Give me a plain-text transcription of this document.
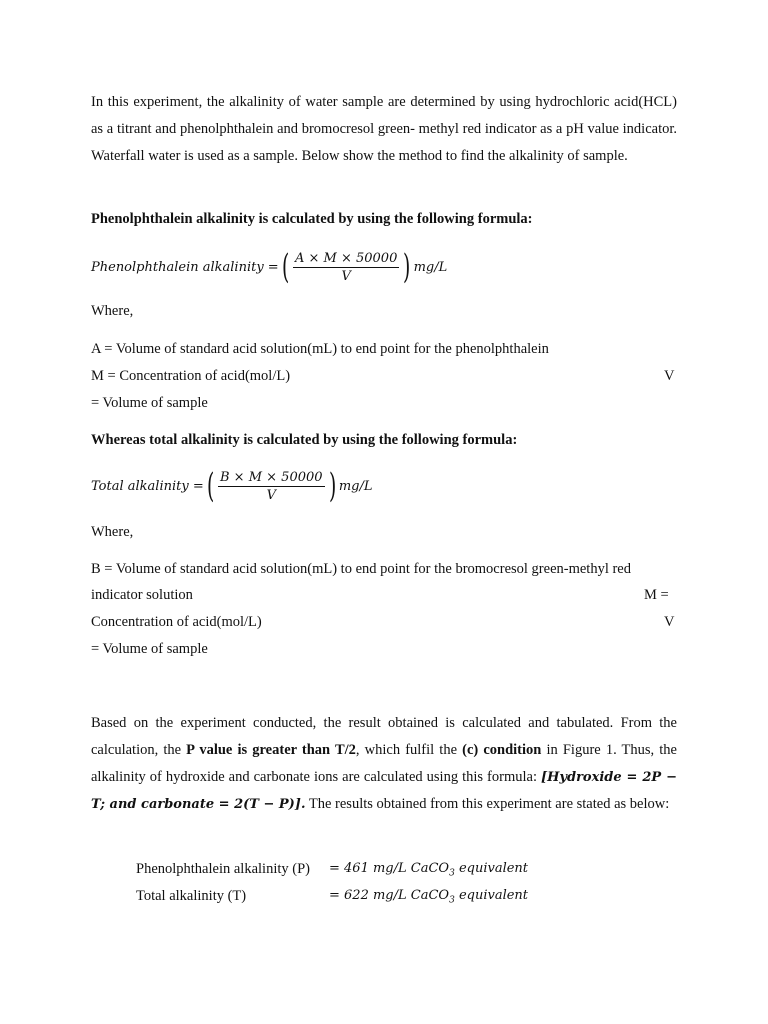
In this experiment, the alkalinity of water sample are determined by using hydrochloric acid(HCL) as a titrant and phenolphthalein and bromocresol green- methyl red indicator as a pH value indicator. Waterfall water is used as a sample. Below show the method to find the alkalinity of sample.
Phenolphthalein alkalinity is calculated by using the following formula:
Phenolphthalein alkalinity = ( $\frac{A \times M \times 50000}{V}$ ) mg/L
Where,
A = Volume of standard acid solution(mL) to end point for the phenolphthalein
M = Concentration of acid(mol/L)	V
= Volume of sample
Whereas total alkalinity is calculated by using the following formula:
Total alkalinity = ( $\frac{B \times M \times 50000}{V}$ ) mg/L
Where,
B = Volume of standard acid solution(mL) to end point for the bromocresol green-methyl red
indicator solution	M =
Concentration of acid(mol/L)	V
= Volume of sample
Based on the experiment conducted, the result obtained is calculated and tabulated. From the calculation, the P value is greater than T/2, which fulfil the (c) condition in Figure 1. Thus, the alkalinity of hydroxide and carbonate ions are calculated using this formula: [Hydroxide = 2P − T; and carbonate = 2(T − P)]. The results obtained from this experiment are stated as below:
Phenolphthalein alkalinity (P) = 461 mg/L CaCO$_3$ equivalent
Total alkalinity (T)	= 622 mg/L CaCO$_3$ equivalent
